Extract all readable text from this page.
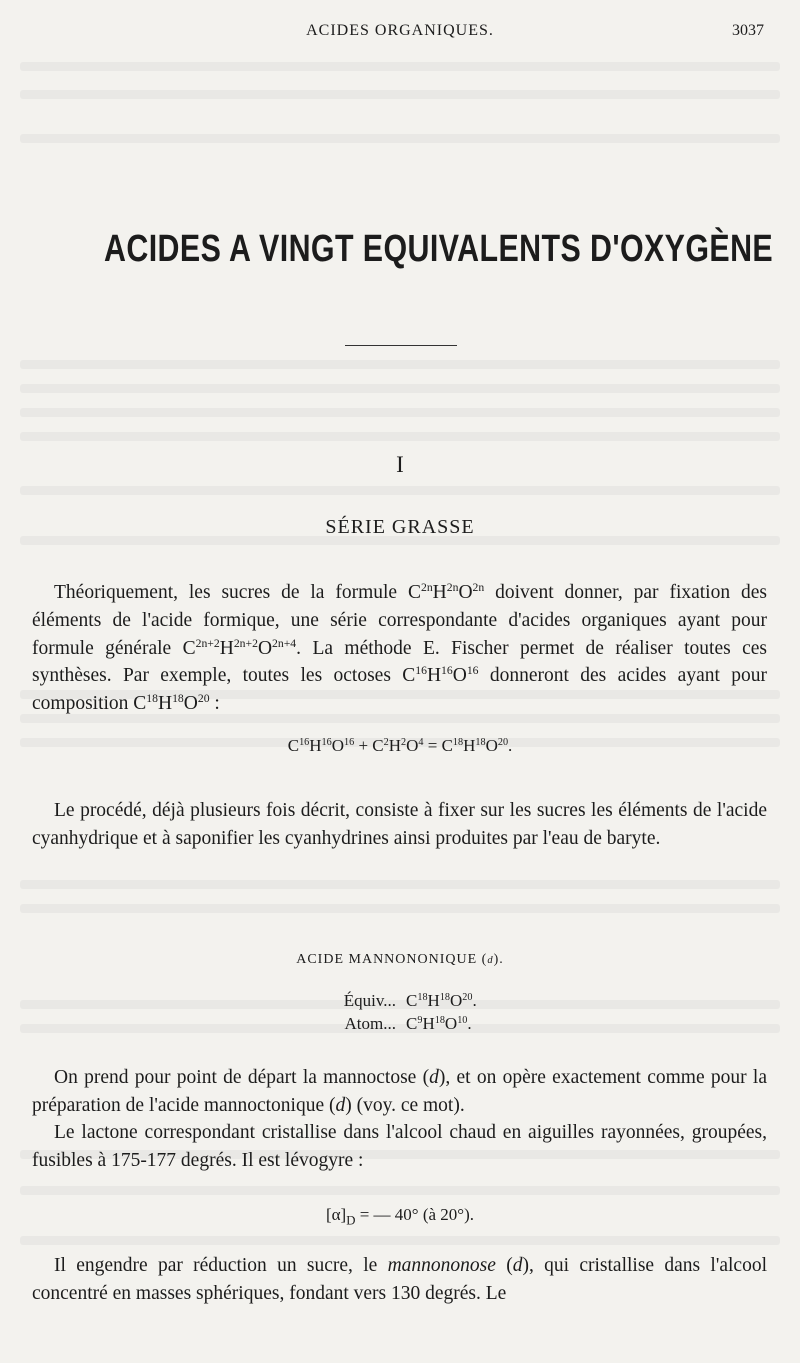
ACIDES ORGANIQUES.	3037
ACIDES A VINGT EQUIVALENTS D'OXYGÈNE
I
SÉRIE GRASSE

Théoriquement, les sucres de la formule $C^{2n}H^{2n}O^{2n}$ doivent donner, par fixation des éléments de l'acide formique, une série correspondante d'acides organiques ayant pour formule générale $C^{2n+2}H^{2n+2}O^{2n+4}$. La méthode E. Fischer permet de réaliser toutes ces synthèses. Par exemple, toutes les octoses $C^{16}H^{16}O^{16}$ donneront des acides ayant pour composition $C^{18}H^{18}O^{20}$ :

$C^{16}H^{16}O^{16} + C^2H^2O^4 = C^{18}H^{18}O^{20}$.

Le procédé, déjà plusieurs fois décrit, consiste à fixer sur les sucres les éléments de l'acide cyanhydrique et à saponifier les cyanhydrines ainsi produites par l'eau de baryte.

ACIDE MANNONONIQUE (d).
Équiv... $C^{18}H^{18}O^{20}$.
Atom... $C^9H^{18}O^{10}$.

On prend pour point de départ la mannoctose (d), et on opère exactement comme pour la préparation de l'acide mannoctonique (d) (voy. ce mot).

Le lactone correspondant cristallise dans l'alcool chaud en aiguilles rayonnées, groupées, fusibles à 175-177 degrés. Il est lévogyre :

$[\alpha]_D$ = — 40° (à 20°).

Il engendre par réduction un sucre, le mannononose (d), qui cristallise dans l'alcool concentré en masses sphériques, fondant vers 130 degrés. Le
